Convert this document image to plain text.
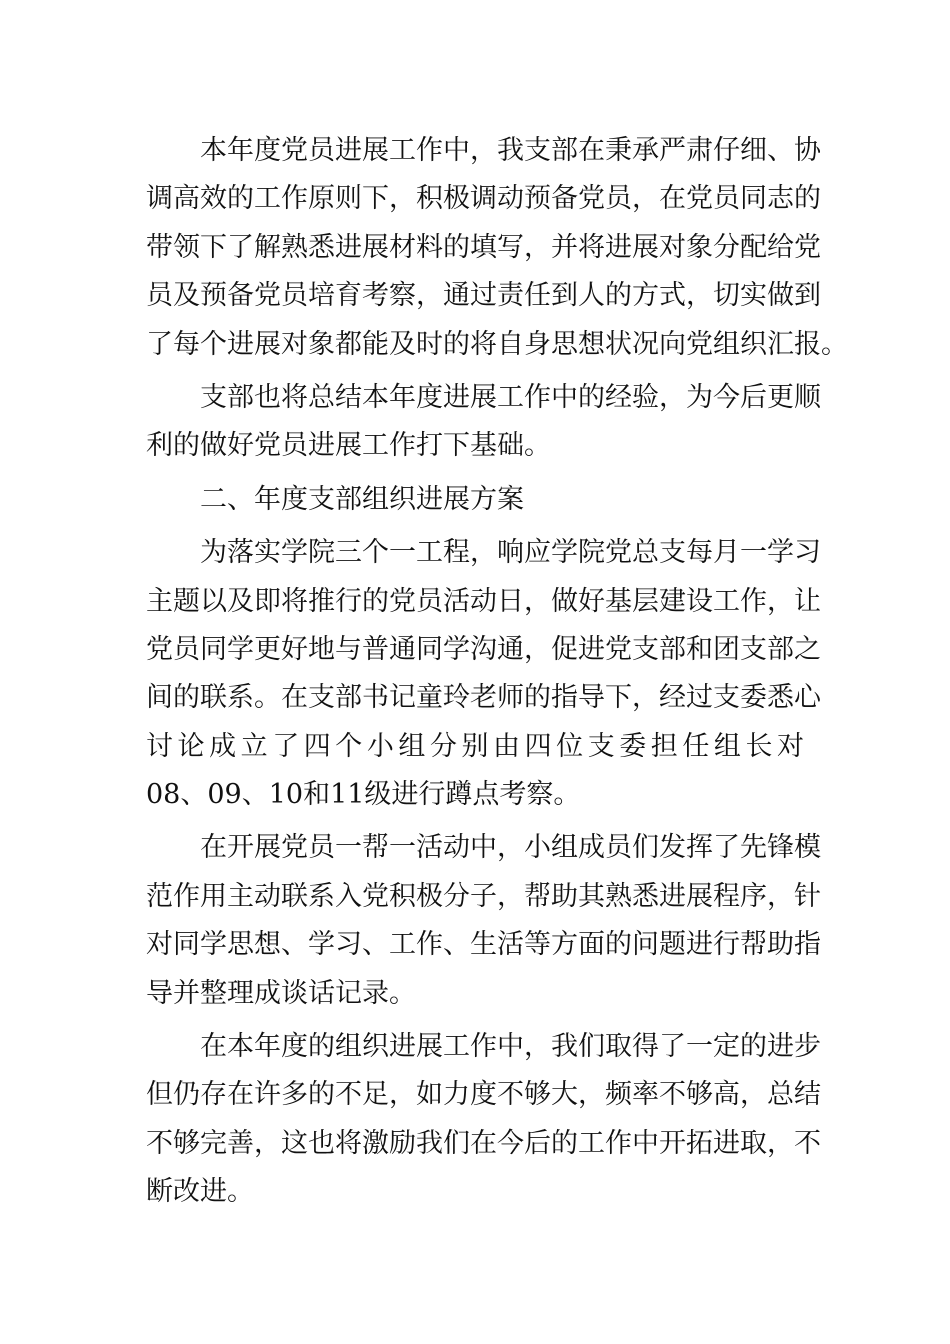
本年度党员进展工作中，我支部在秉承严肃仔细、协
调高效的工作原则下，积极调动预备党员，在党员同志的
带领下了解熟悉进展材料的填写，并将进展对象分配给党
员及预备党员培育考察，通过责任到人的方式，切实做到
了每个进展对象都能及时的将自身思想状况向党组织汇报。
支部也将总结本年度进展工作中的经验，为今后更顺
利的做好党员进展工作打下基础。
二、年度支部组织进展方案
为落实学院三个一工程，响应学院党总支每月一学习
主题以及即将推行的党员活动日，做好基层建设工作，让
党员同学更好地与普通同学沟通，促进党支部和团支部之
间的联系。在支部书记童玲老师的指导下，经过支委悉心
讨论成立了四个小组分别由四位支委担任组长对
08、09、10和11级进行蹲点考察。
在开展党员一帮一活动中，小组成员们发挥了先锋模
范作用主动联系入党积极分子，帮助其熟悉进展程序，针
对同学思想、学习、工作、生活等方面的问题进行帮助指
导并整理成谈话记录。
在本年度的组织进展工作中，我们取得了一定的进步
但仍存在许多的不足，如力度不够大，频率不够高，总结
不够完善，这也将激励我们在今后的工作中开拓进取，不
断改进。
